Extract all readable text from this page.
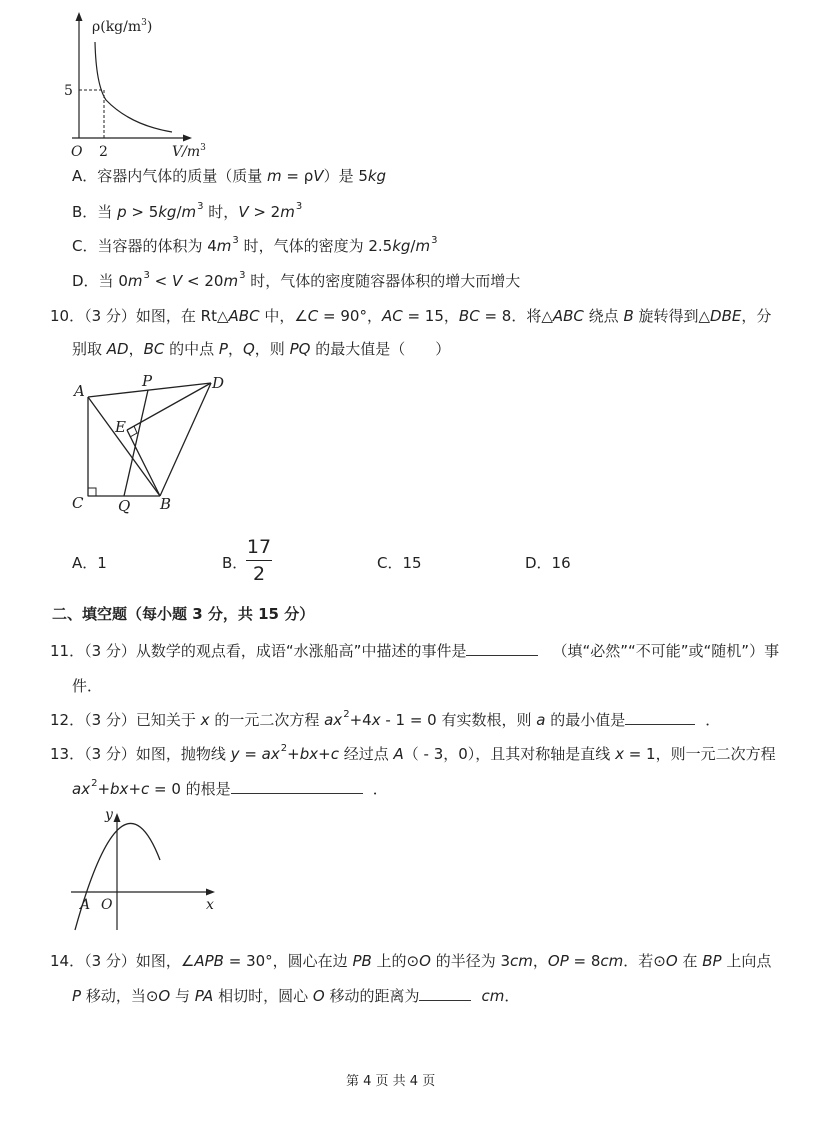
$\rho(kg/m^3)$
5
O 2	$V/m^3$
A．容器内气体的质量（质量 m = ρV）是 5kg
B．当 $p > 5kg/m^3$ 时，$V > 2m^3$
C．当容器的体积为 $4m^3$ 时，气体的密度为 $2.5kg/m^3$
D．当 $0m^3 < V < 20m^3$ 时，气体的密度随容器体积的增大而增大
10．（3 分）如图，在 Rt△ABC 中，∠C = 90°，AC = 15，BC = 8．将△ABC 绕点 B 旋转得到△DBE，分
别取 AD，BC 的中点 P，Q，则 PQ 的最大值是（　　）
A
P	D
E
C Q B
A．1	B．
17
2	C．15	D．16
二、填空题（每小题 3 分，共 15 分）
11．（3 分）从数学的观点看，成语“水涨船高”中描述的事件是	（填“必然”“不可能”或“随机”）事
件．
12．（3 分）已知关于 x 的一元二次方程 $ax^2+4x - 1 = 0$ 有实数根，则 a 的最小值是	．
13．（3 分）如图，抛物线 $y = ax^2+bx+c$ 经过点 A（ - 3，0），且其对称轴是直线 x = 1，则一元二次方程
$ax^2+bx+c = 0$ 的根是	．
y
x
A O
14．（3 分）如图，∠APB = 30°，圆心在边 PB 上的⊙O 的半径为 3cm，OP = 8cm．若⊙O 在 BP 上向点
P 移动，当⊙O 与 PA 相切时，圆心 O 移动的距离为	cm．
第 4 页 共 4 页
